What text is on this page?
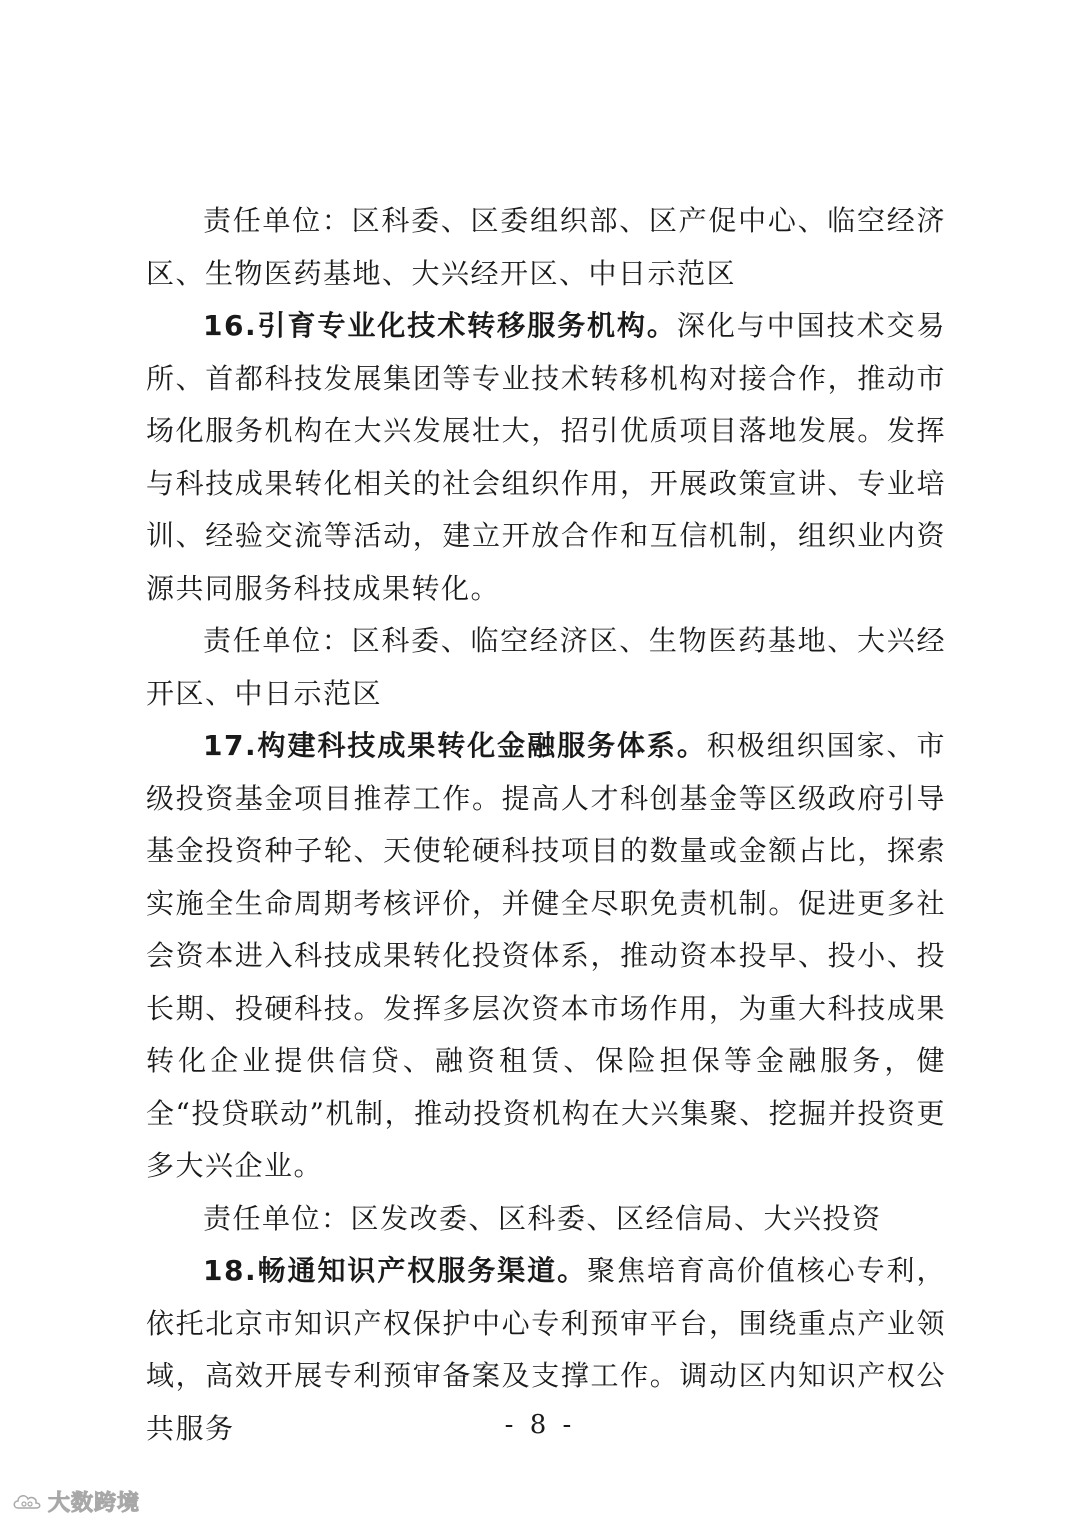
责任单位：区科委、区委组织部、区产促中心、临空经济区、生物医药基地、大兴经开区、中日示范区

16.引育专业化技术转移服务机构。深化与中国技术交易所、首都科技发展集团等专业技术转移机构对接合作，推动市场化服务机构在大兴发展壮大，招引优质项目落地发展。发挥与科技成果转化相关的社会组织作用，开展政策宣讲、专业培训、经验交流等活动，建立开放合作和互信机制，组织业内资源共同服务科技成果转化。

责任单位：区科委、临空经济区、生物医药基地、大兴经开区、中日示范区

17.构建科技成果转化金融服务体系。积极组织国家、市级投资基金项目推荐工作。提高人才科创基金等区级政府引导基金投资种子轮、天使轮硬科技项目的数量或金额占比，探索实施全生命周期考核评价，并健全尽职免责机制。促进更多社会资本进入科技成果转化投资体系，推动资本投早、投小、投长期、投硬科技。发挥多层次资本市场作用，为重大科技成果转化企业提供信贷、融资租赁、保险担保等金融服务，健全“投贷联动”机制，推动投资机构在大兴集聚、挖掘并投资更多大兴企业。

责任单位：区发改委、区科委、区经信局、大兴投资

18.畅通知识产权服务渠道。聚焦培育高价值核心专利，依托北京市知识产权保护中心专利预审平台，围绕重点产业领域，高效开展专利预审备案及支撑工作。调动区内知识产权公共服务	- 8 -
大数跨境
